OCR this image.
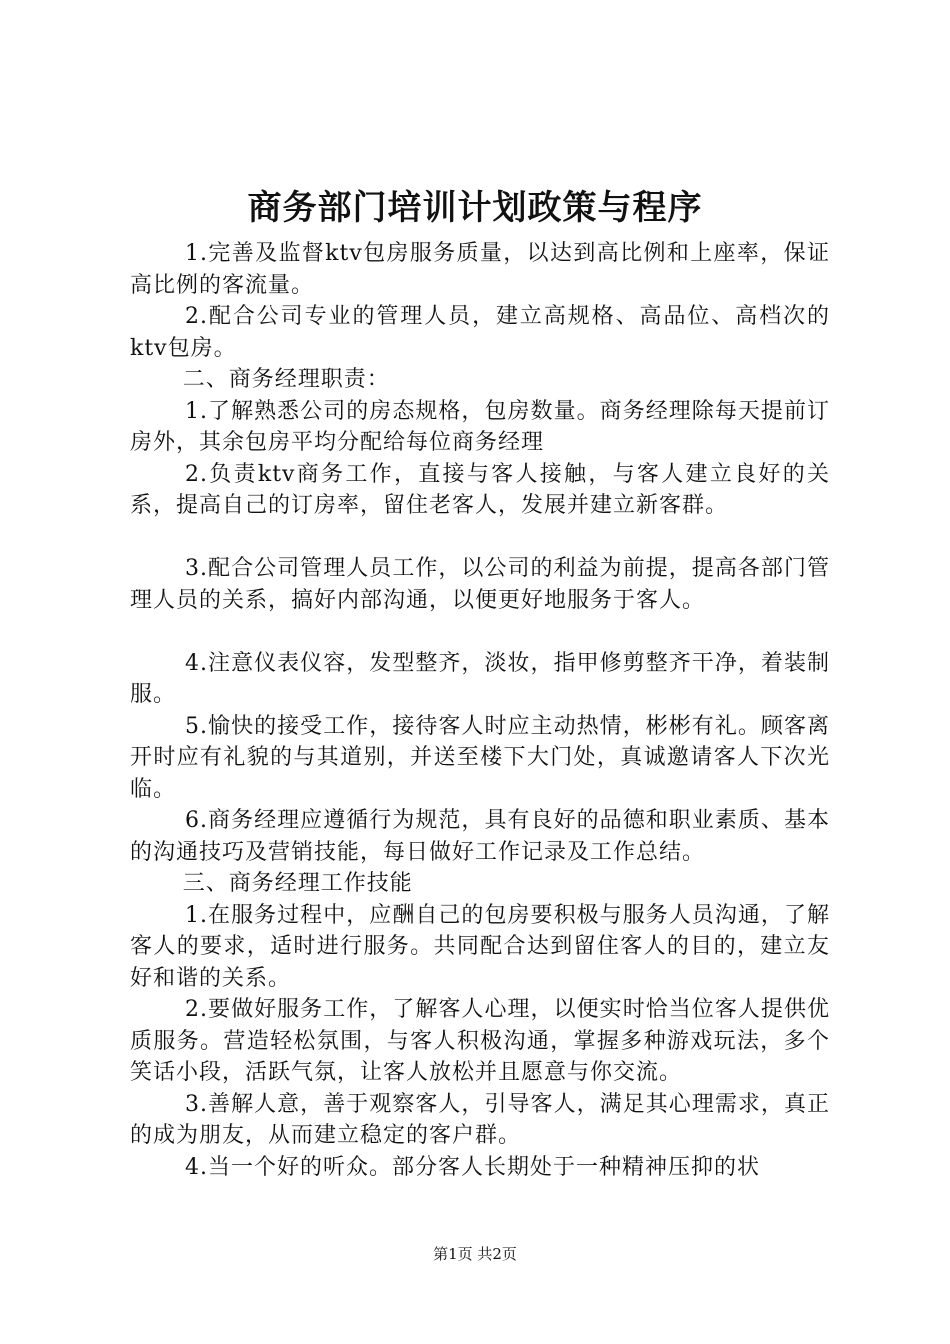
商务部门培训计划政策与程序

1.完善及监督ktv包房服务质量，以达到高比例和上座率，保证高比例的客流量。

2.配合公司专业的管理人员，建立高规格、高品位、高档次的ktv包房。

二、商务经理职责：

1.了解熟悉公司的房态规格，包房数量。商务经理除每天提前订房外，其余包房平均分配给每位商务经理

2.负责ktv商务工作，直接与客人接触，与客人建立良好的关系，提高自己的订房率，留住老客人，发展并建立新客群。

3.配合公司管理人员工作，以公司的利益为前提，提高各部门管理人员的关系，搞好内部沟通，以便更好地服务于客人。

4.注意仪表仪容，发型整齐，淡妆，指甲修剪整齐干净，着装制服。

5.愉快的接受工作，接待客人时应主动热情，彬彬有礼。顾客离开时应有礼貌的与其道别，并送至楼下大门处，真诚邀请客人下次光临。

6.商务经理应遵循行为规范，具有良好的品德和职业素质、基本的沟通技巧及营销技能，每日做好工作记录及工作总结。

三、商务经理工作技能

1.在服务过程中，应酬自己的包房要积极与服务人员沟通，了解客人的要求，适时进行服务。共同配合达到留住客人的目的，建立友好和谐的关系。

2.要做好服务工作，了解客人心理，以便实时恰当位客人提供优质服务。营造轻松氛围，与客人积极沟通，掌握多种游戏玩法，多个笑话小段，活跃气氛，让客人放松并且愿意与你交流。

3.善解人意，善于观察客人，引导客人，满足其心理需求，真正的成为朋友，从而建立稳定的客户群。

4.当一个好的听众。部分客人长期处于一种精神压抑的状

第1页 共2页
